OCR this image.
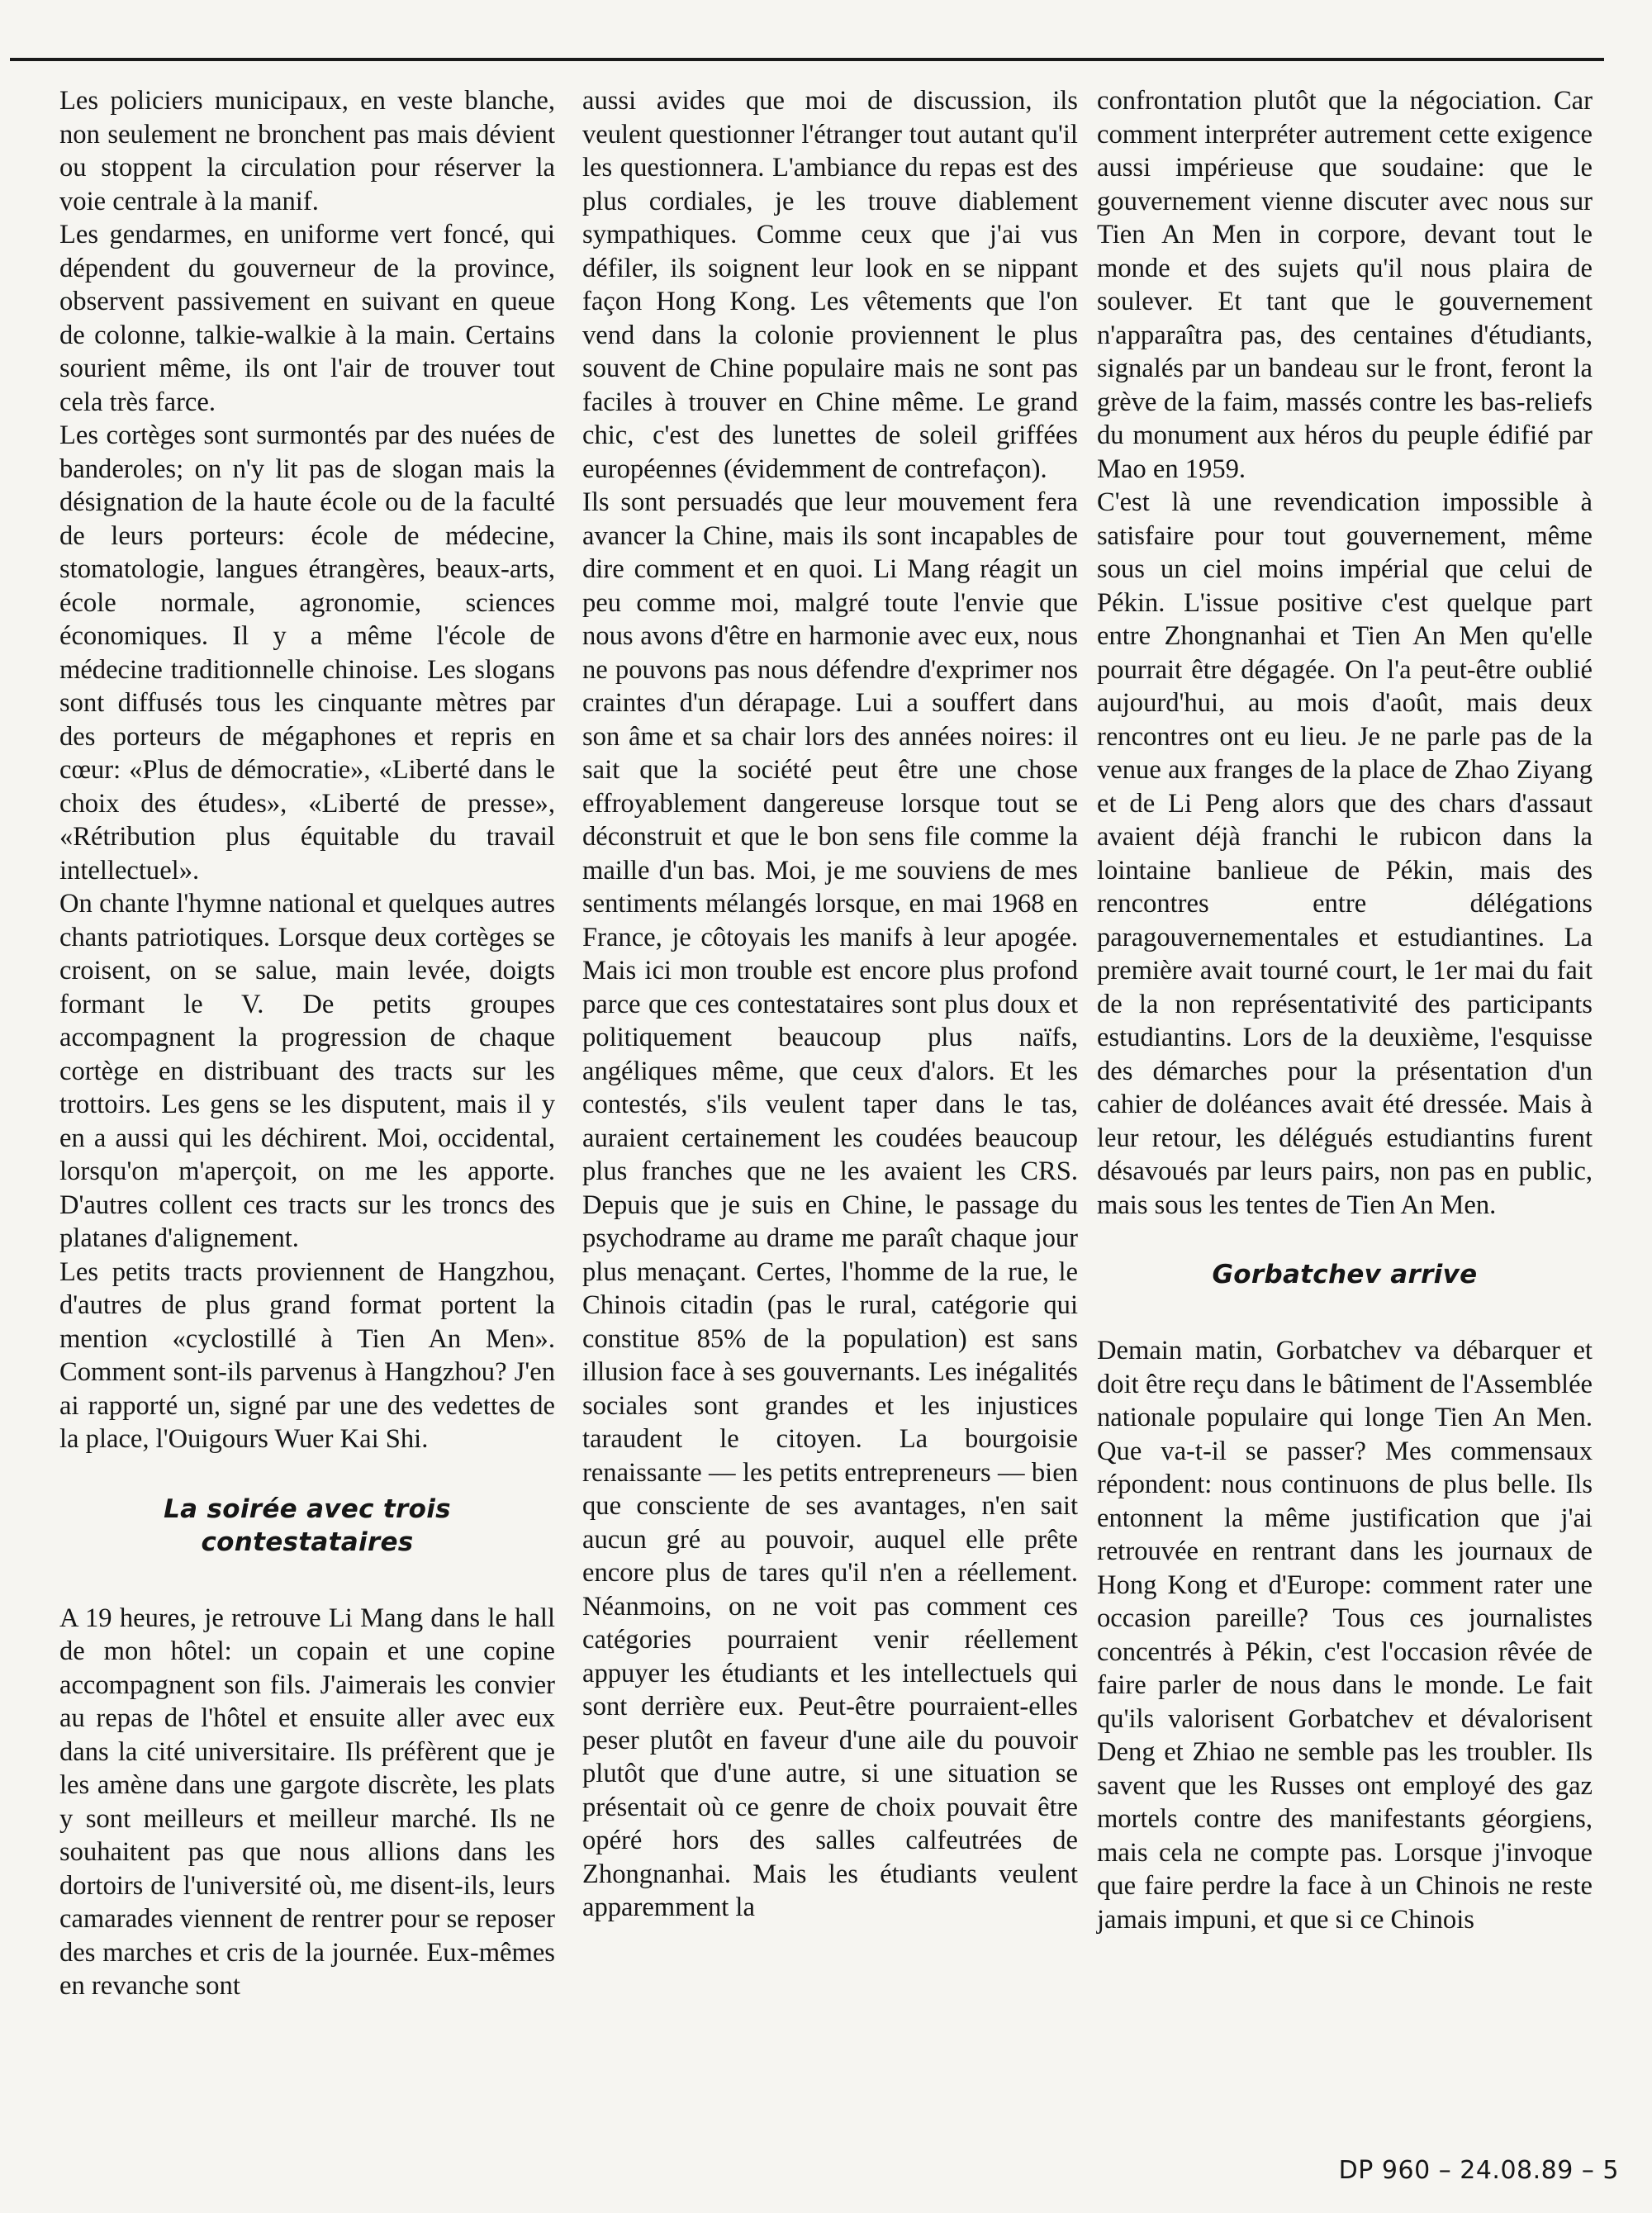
Les policiers municipaux, en veste blanche, non seulement ne bronchent pas mais dévient ou stoppent la circulation pour réserver la voie centrale à la manif.

Les gendarmes, en uniforme vert foncé, qui dépendent du gouverneur de la province, observent passivement en suivant en queue de colonne, talkie-walkie à la main. Certains sourient même, ils ont l'air de trouver tout cela très farce.

Les cortèges sont surmontés par des nuées de banderoles; on n'y lit pas de slogan mais la désignation de la haute école ou de la faculté de leurs porteurs: école de médecine, stomatologie, langues étrangères, beaux-arts, école normale, agronomie, sciences économiques. Il y a même l'école de médecine traditionnelle chinoise. Les slogans sont diffusés tous les cinquante mètres par des porteurs de mégaphones et repris en cœur: «Plus de démocratie», «Liberté dans le choix des études», «Liberté de presse», «Rétribution plus équitable du travail intellectuel».

On chante l'hymne national et quelques autres chants patriotiques. Lorsque deux cortèges se croisent, on se salue, main levée, doigts formant le V. De petits groupes accompagnent la progression de chaque cortège en distribuant des tracts sur les trottoirs. Les gens se les disputent, mais il y en a aussi qui les déchirent. Moi, occidental, lorsqu'on m'aperçoit, on me les apporte. D'autres collent ces tracts sur les troncs des platanes d'alignement.

Les petits tracts proviennent de Hangzhou, d'autres de plus grand format portent la mention «cyclostillé à Tien An Men». Comment sont-ils parvenus à Hangzhou? J'en ai rapporté un, signé par une des vedettes de la place, l'Ouigours Wuer Kai Shi.

La soirée avec trois contestataires

A 19 heures, je retrouve Li Mang dans le hall de mon hôtel: un copain et une copine accompagnent son fils. J'aimerais les convier au repas de l'hôtel et ensuite aller avec eux dans la cité universitaire. Ils préfèrent que je les amène dans une gargote discrète, les plats y sont meilleurs et meilleur marché. Ils ne souhaitent pas que nous allions dans les dortoirs de l'université où, me disent-ils, leurs camarades viennent de rentrer pour se reposer des marches et cris de la journée. Eux-mêmes en revanche sont

aussi avides que moi de discussion, ils veulent questionner l'étranger tout autant qu'il les questionnera. L'ambiance du repas est des plus cordiales, je les trouve diablement sympathiques. Comme ceux que j'ai vus défiler, ils soignent leur look en se nippant façon Hong Kong. Les vêtements que l'on vend dans la colonie proviennent le plus souvent de Chine populaire mais ne sont pas faciles à trouver en Chine même. Le grand chic, c'est des lunettes de soleil griffées européennes (évidemment de contrefaçon).

Ils sont persuadés que leur mouvement fera avancer la Chine, mais ils sont incapables de dire comment et en quoi. Li Mang réagit un peu comme moi, malgré toute l'envie que nous avons d'être en harmonie avec eux, nous ne pouvons pas nous défendre d'exprimer nos craintes d'un dérapage. Lui a souffert dans son âme et sa chair lors des années noires: il sait que la société peut être une chose effroyablement dangereuse lorsque tout se déconstruit et que le bon sens file comme la maille d'un bas. Moi, je me souviens de mes sentiments mélangés lorsque, en mai 1968 en France, je côtoyais les manifs à leur apogée. Mais ici mon trouble est encore plus profond parce que ces contestataires sont plus doux et politiquement beaucoup plus naïfs, angéliques même, que ceux d'alors. Et les contestés, s'ils veulent taper dans le tas, auraient certainement les coudées beaucoup plus franches que ne les avaient les CRS. Depuis que je suis en Chine, le passage du psychodrame au drame me paraît chaque jour plus menaçant. Certes, l'homme de la rue, le Chinois citadin (pas le rural, catégorie qui constitue 85% de la population) est sans illusion face à ses gouvernants. Les inégalités sociales sont grandes et les injustices taraudent le citoyen. La bourgoisie renaissante — les petits entrepreneurs — bien que consciente de ses avantages, n'en sait aucun gré au pouvoir, auquel elle prête encore plus de tares qu'il n'en a réellement. Néanmoins, on ne voit pas comment ces catégories pourraient venir réellement appuyer les étudiants et les intellectuels qui sont derrière eux. Peut-être pourraient-elles peser plutôt en faveur d'une aile du pouvoir plutôt que d'une autre, si une situation se présentait où ce genre de choix pouvait être opéré hors des salles calfeutrées de Zhongnanhai. Mais les étudiants veulent apparemment la

confrontation plutôt que la négociation. Car comment interpréter autrement cette exigence aussi impérieuse que soudaine: que le gouvernement vienne discuter avec nous sur Tien An Men in corpore, devant tout le monde et des sujets qu'il nous plaira de soulever. Et tant que le gouvernement n'apparaîtra pas, des centaines d'étudiants, signalés par un bandeau sur le front, feront la grève de la faim, massés contre les bas-reliefs du monument aux héros du peuple édifié par Mao en 1959.

C'est là une revendication impossible à satisfaire pour tout gouvernement, même sous un ciel moins impérial que celui de Pékin. L'issue positive c'est quelque part entre Zhongnanhai et Tien An Men qu'elle pourrait être dégagée. On l'a peut-être oublié aujourd'hui, au mois d'août, mais deux rencontres ont eu lieu. Je ne parle pas de la venue aux franges de la place de Zhao Ziyang et de Li Peng alors que des chars d'assaut avaient déjà franchi le rubicon dans la lointaine banlieue de Pékin, mais des rencontres entre délégations paragouvernementales et estudiantines. La première avait tourné court, le 1er mai du fait de la non représentativité des participants estudiantins. Lors de la deuxième, l'esquisse des démarches pour la présentation d'un cahier de doléances avait été dressée. Mais à leur retour, les délégués estudiantins furent désavoués par leurs pairs, non pas en public, mais sous les tentes de Tien An Men.

Gorbatchev arrive

Demain matin, Gorbatchev va débarquer et doit être reçu dans le bâtiment de l'Assemblée nationale populaire qui longe Tien An Men. Que va-t-il se passer? Mes commensaux répondent: nous continuons de plus belle. Ils entonnent la même justification que j'ai retrouvée en rentrant dans les journaux de Hong Kong et d'Europe: comment rater une occasion pareille? Tous ces journalistes concentrés à Pékin, c'est l'occasion rêvée de faire parler de nous dans le monde. Le fait qu'ils valorisent Gorbatchev et dévalorisent Deng et Zhiao ne semble pas les troubler. Ils savent que les Russes ont employé des gaz mortels contre des manifestants géorgiens, mais cela ne compte pas. Lorsque j'invoque que faire perdre la face à un Chinois ne reste jamais impuni, et que si ce Chinois

DP 960 – 24.08.89 – 5
